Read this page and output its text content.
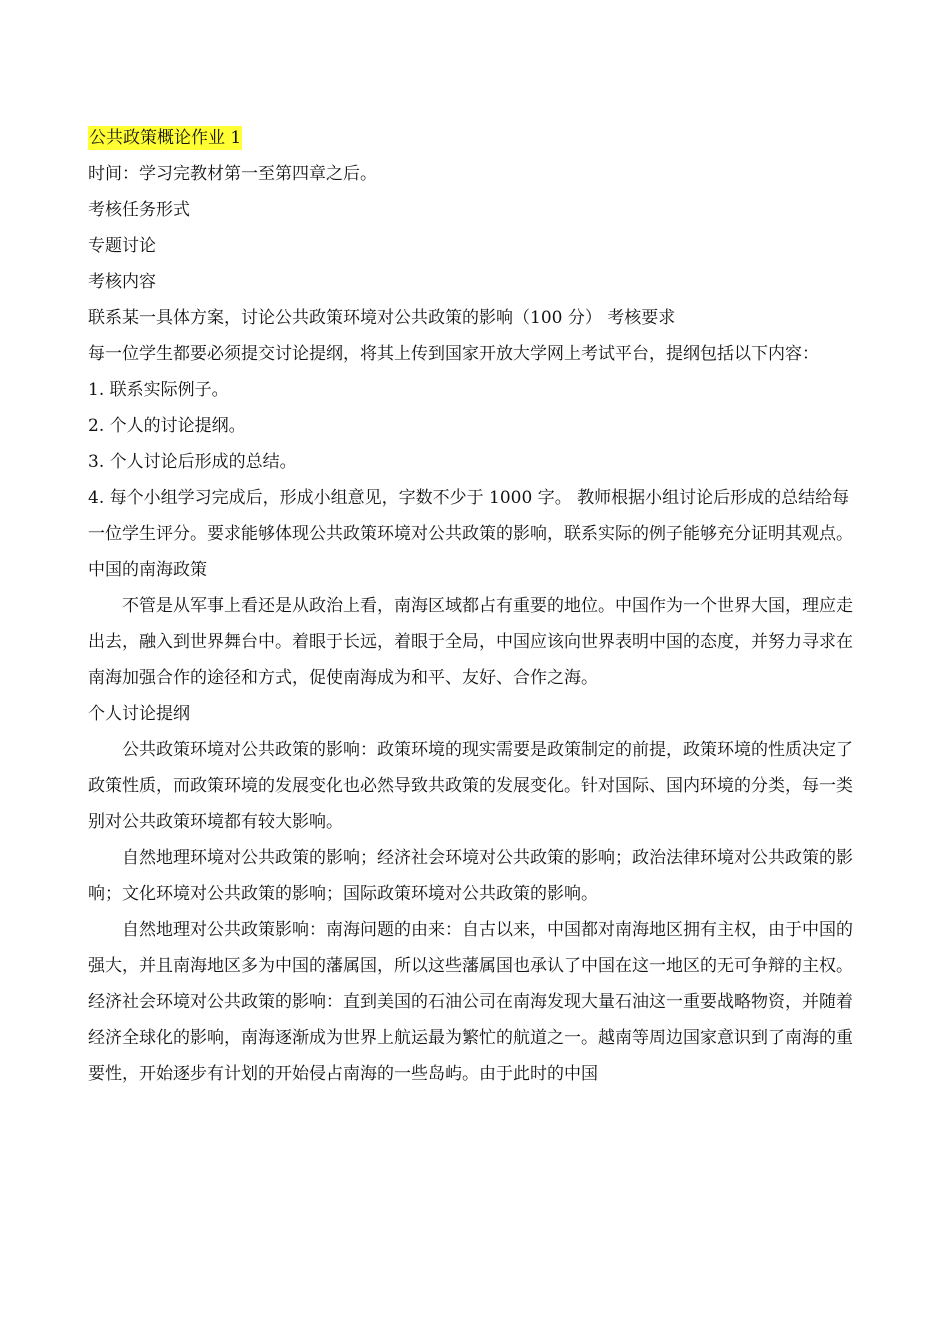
公共政策概论作业 1

时间：学习完教材第一至第四章之后。

考核任务形式

专题讨论

考核内容

联系某一具体方案，讨论公共政策环境对公共政策的影响（100 分） 考核要求

每一位学生都要必须提交讨论提纲，将其上传到国家开放大学网上考试平台，提纲包括以下内容：

1. 联系实际例子。

2. 个人的讨论提纲。

3. 个人讨论后形成的总结。

4. 每个小组学习完成后，形成小组意见，字数不少于 1000 字。 教师根据小组讨论后形成的总结给每一位学生评分。要求能够体现公共政策环境对公共政策的影响，联系实际的例子能够充分证明其观点。

中国的南海政策

不管是从军事上看还是从政治上看，南海区域都占有重要的地位。中国作为一个世界大国，理应走出去，融入到世界舞台中。着眼于长远，着眼于全局，中国应该向世界表明中国的态度，并努力寻求在南海加强合作的途径和方式，促使南海成为和平、友好、合作之海。

个人讨论提纲

公共政策环境对公共政策的影响：政策环境的现实需要是政策制定的前提，政策环境的性质决定了政策性质，而政策环境的发展变化也必然导致共政策的发展变化。针对国际、国内环境的分类，每一类别对公共政策环境都有较大影响。

自然地理环境对公共政策的影响；经济社会环境对公共政策的影响；政治法律环境对公共政策的影响；文化环境对公共政策的影响；国际政策环境对公共政策的影响。

自然地理对公共政策影响：南海问题的由来：自古以来，中国都对南海地区拥有主权，由于中国的强大，并且南海地区多为中国的藩属国，所以这些藩属国也承认了中国在这一地区的无可争辩的主权。

经济社会环境对公共政策的影响：直到美国的石油公司在南海发现大量石油这一重要战略物资，并随着经济全球化的影响，南海逐渐成为世界上航运最为繁忙的航道之一。越南等周边国家意识到了南海的重要性，开始逐步有计划的开始侵占南海的一些岛屿。由于此时的中国
